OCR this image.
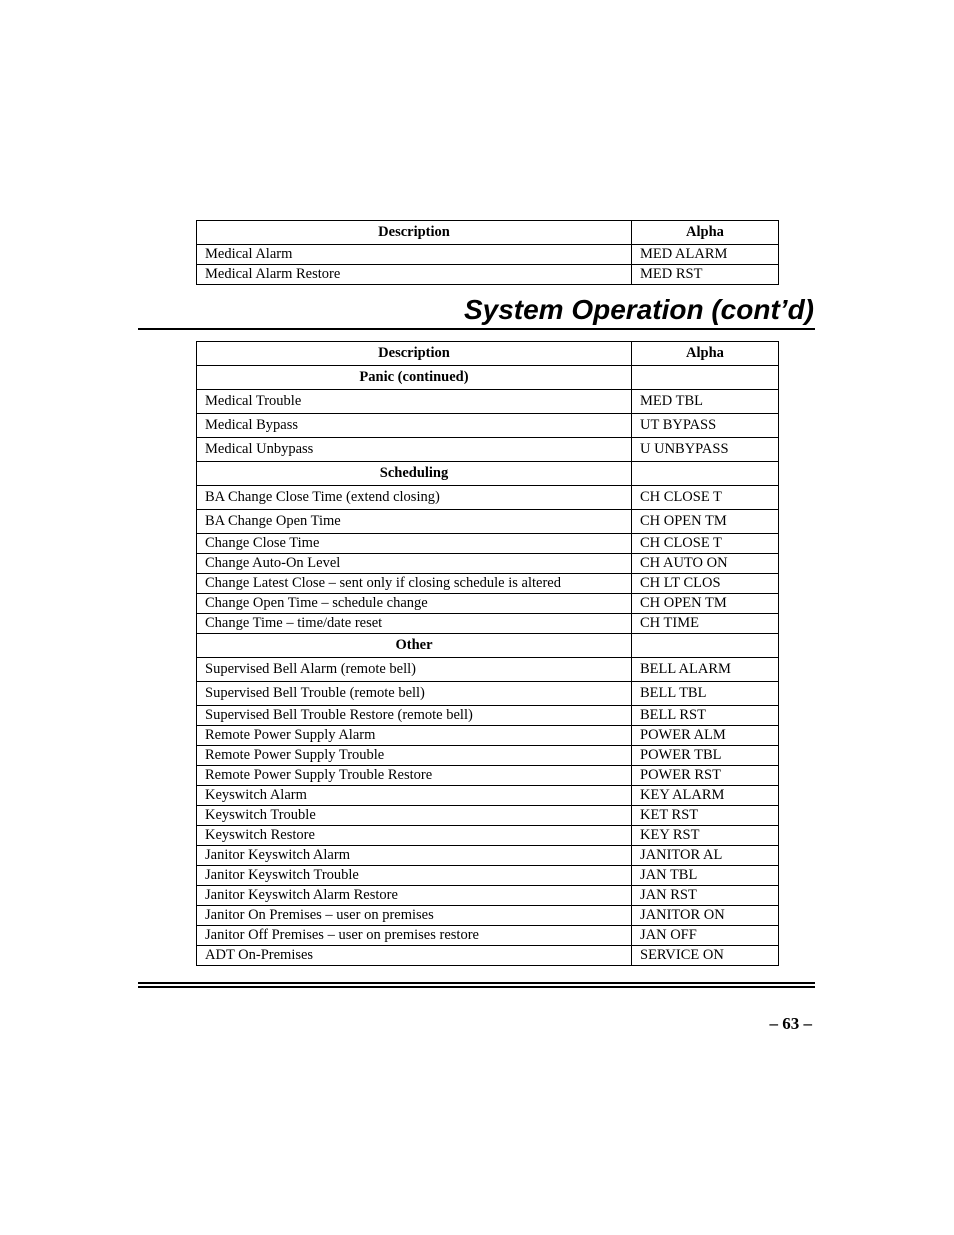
Description	Alpha
Medical Alarm	MED ALARM
Medical Alarm Restore	MED RST
System Operation (cont’d)
Description	Alpha
Panic (continued)	
Medical Trouble	MED TBL
Medical Bypass	UT BYPASS
Medical Unbypass	U UNBYPASS
Scheduling	
BA Change Close Time (extend closing)	CH CLOSE T
BA Change Open Time	CH OPEN TM
Change Close Time	CH CLOSE T
Change Auto-On Level	CH AUTO ON
Change Latest Close – sent only if closing schedule is altered	CH LT CLOS
Change Open Time – schedule change	CH OPEN TM
Change Time – time/date reset	CH TIME
Other	
Supervised Bell Alarm (remote bell)	BELL ALARM
Supervised Bell Trouble (remote bell)	BELL TBL
Supervised Bell Trouble Restore (remote bell)	BELL RST
Remote Power Supply Alarm	POWER ALM
Remote Power Supply Trouble	POWER TBL
Remote Power Supply Trouble Restore	POWER RST
Keyswitch Alarm	KEY ALARM
Keyswitch Trouble	KET RST
Keyswitch Restore	KEY RST
Janitor Keyswitch Alarm	JANITOR AL
Janitor Keyswitch Trouble	JAN TBL
Janitor Keyswitch Alarm Restore	JAN RST
Janitor On Premises – user on premises	JANITOR ON
Janitor Off Premises – user on premises restore	JAN OFF
ADT On-Premises	SERVICE ON
– 63 –
